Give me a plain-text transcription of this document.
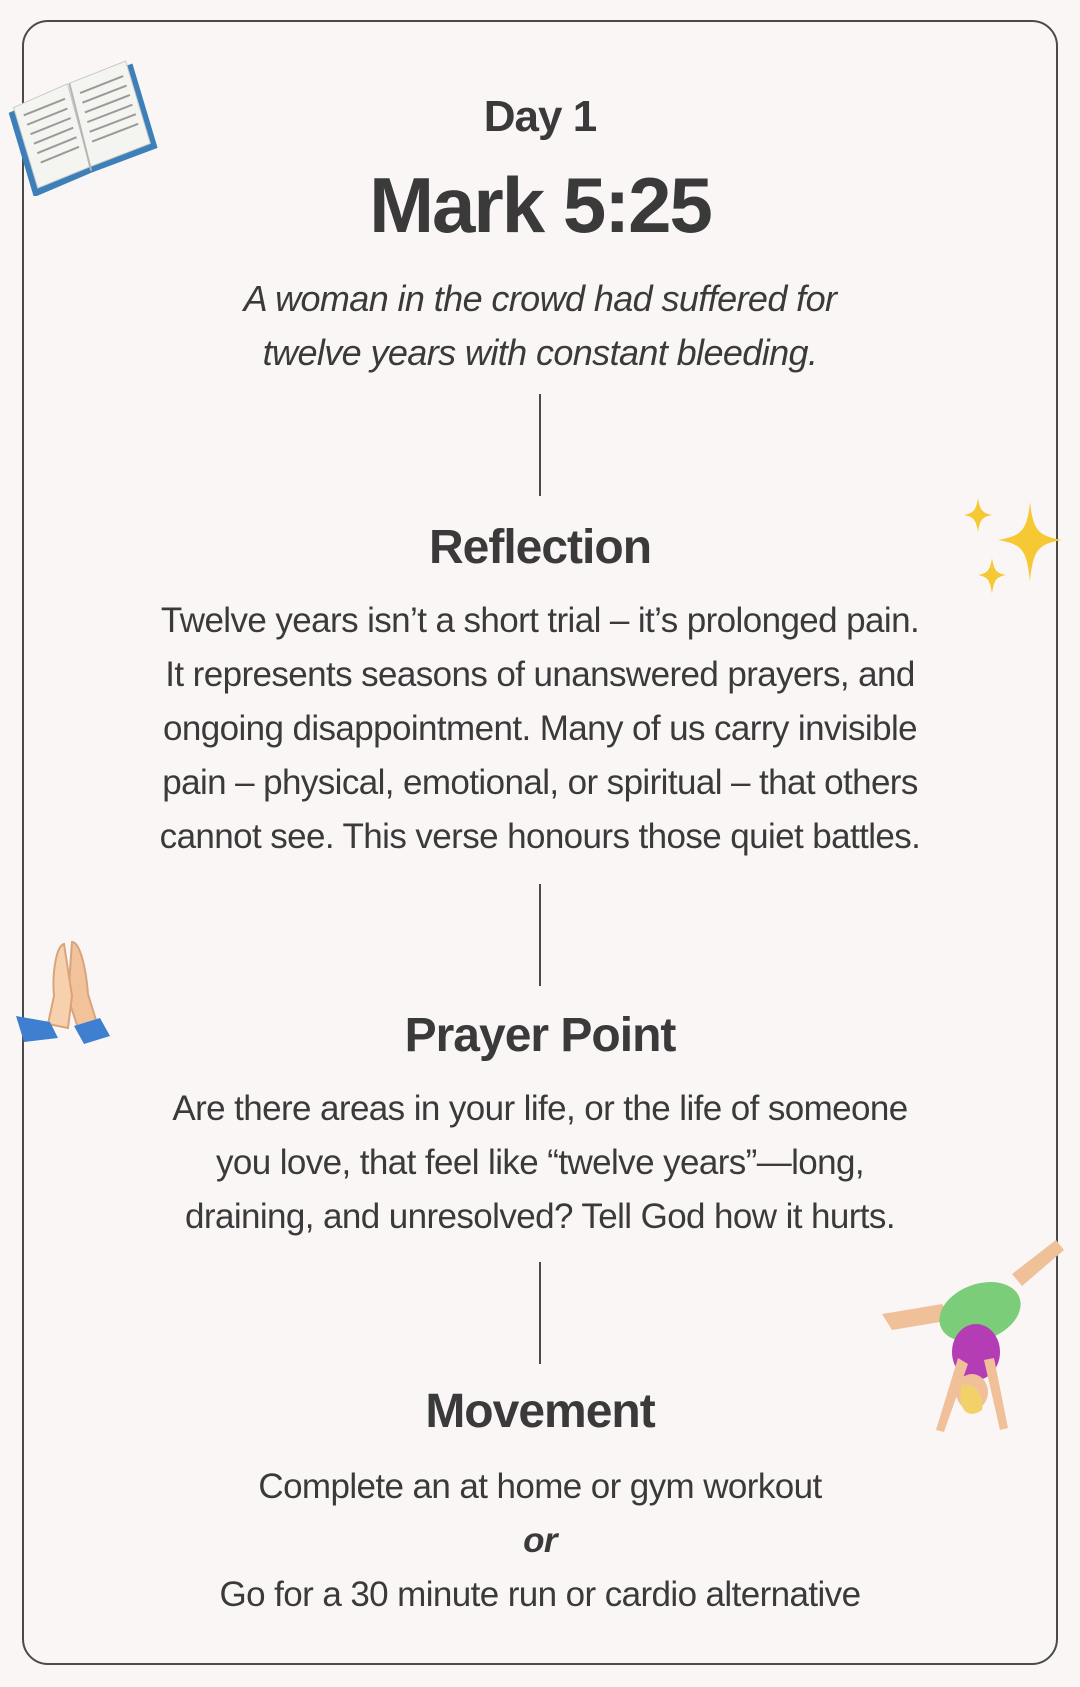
Day 1
Mark 5:25
A woman in the crowd had suffered for
twelve years with constant bleeding.
Reflection
Twelve years isn’t a short trial – it’s prolonged pain.
It represents seasons of unanswered prayers, and
ongoing disappointment. Many of us carry invisible
pain – physical, emotional, or spiritual – that others
cannot see. This verse honours those quiet battles.
Prayer Point
Are there areas in your life, or the life of someone
you love, that feel like “twelve years”—long,
draining, and unresolved? Tell God how it hurts.
Movement
Complete an at home or gym workout
or
Go for a 30 minute run or cardio alternative
